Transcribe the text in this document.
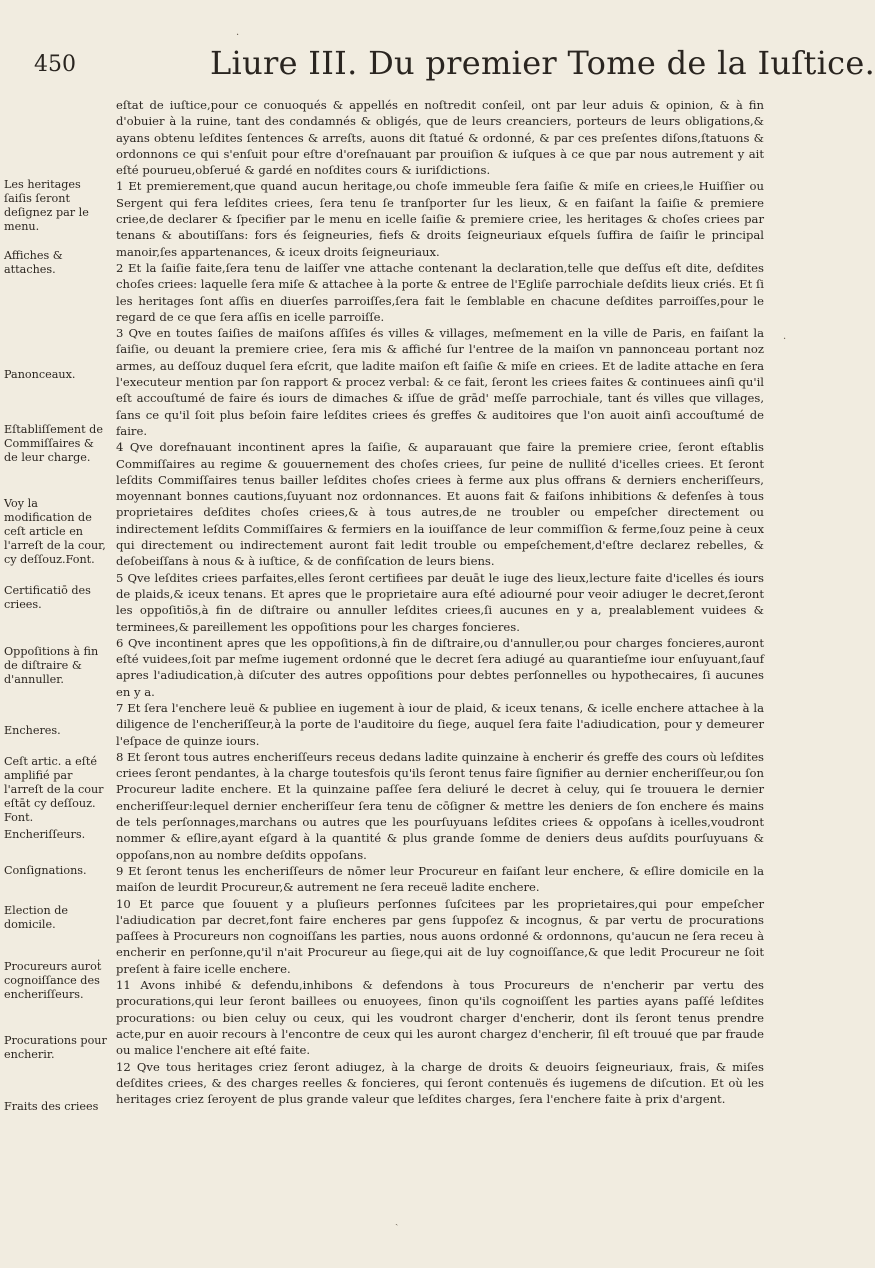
450	Liure III. Du premier Tome de la Iuſtice.

eſtat de iuſtice,pour ce conuoqués & appellés en noſtredit conſeil, ont par leur aduis & opinion, & à fin d'obuier à la ruine, tant des condamnés & obligés, que de leurs creanciers, porteurs de leurs obligations,& ayans obtenu leſdites ſentences & arreſts, auons dit ſtatué & ordonné, & par ces preſentes diſons,ſtatuons & ordonnons ce qui s'enſuit pour eſtre d'oreſnauant par prouiſion & iuſques à ce que par nous autrement y ait eſté pourueu,obſerué & gardé en noſdites cours & iuriſdictions.

1 Et premierement,que quand aucun heritage,ou choſe immeuble ſera ſaiſie & miſe en criees,le Huiſſier ou Sergent qui fera leſdites criees, ſera tenu ſe tranſporter ſur les lieux, & en faiſant la ſaiſie & premiere criee,de declarer & ſpecifier par le menu en icelle ſaiſie & premiere criee, les heritages & choſes criees par tenans & aboutiſſans: fors és ſeigneuries, fiefs & droits ſeigneuriaux eſquels ſuffira de ſaiſir le principal manoir,ſes appartenances, & iceux droits ſeigneuriaux.

2 Et la ſaiſie faite,ſera tenu de laiſſer vne attache contenant la declaration,telle que deſſus eſt dite, deſdites choſes criees: laquelle ſera miſe & attachee à la porte & entree de l'Egliſe parrochiale deſdits lieux criés. Et ſi les heritages ſont aſſis en diuerſes parroiſſes,ſera fait le ſemblable en chacune deſdites parroiſſes,pour le regard de ce que ſera aſſis en icelle parroiſſe.

3 Qve en toutes ſaiſies de maiſons aſſiſes és villes & villages, meſmement en la ville de Paris, en faiſant la ſaiſie, ou deuant la premiere criee, ſera mis & affiché ſur l'entree de la maiſon vn pannonceau portant noz armes, au deſſouz duquel ſera eſcrit, que ladite maiſon eſt ſaiſie & miſe en criees. Et de ladite attache en ſera l'executeur mention par ſon rapport & procez verbal: & ce fait, ſeront les criees faites & continuees ainſi qu'il eſt accouſtumé de faire és iours de dimaches & iſſue de grād' meſſe parrochiale, tant és villes que villages, ſans ce qu'il ſoit plus beſoin faire leſdites criees és greffes & auditoires que l'on auoit ainſi accouſtumé de faire.

4 Qve dorefnauant incontinent apres la ſaiſie, & auparauant que faire la premiere criee, ſeront eſtablis Commiſſaires au regime & gouuernement des choſes criees, ſur peine de nullité d'icelles criees. Et ſeront leſdits Commiſſaires tenus bailler leſdites choſes criees à ferme aux plus offrans & derniers encheriſſeurs, moyennant bonnes cautions,ſuyuant noz ordonnances. Et auons fait & faiſons inhibitions & defenſes à tous proprietaires deſdites choſes criees,& à tous autres,de ne troubler ou empeſcher directement ou indirectement leſdits Commiſſaires & fermiers en la iouiſſance de leur commiſſion & ferme,ſouz peine à ceux qui directement ou indirectement auront fait ledit trouble ou empeſchement,d'eſtre declarez rebelles, & deſobeiſſans à nous & à iuſtice, & de confiſcation de leurs biens.

5 Qve leſdites criees parfaites,elles ſeront certifiees par deuāt le iuge des lieux,lecture faite d'icelles és iours de plaids,& iceux tenans. Et apres que le proprietaire aura eſté adiourné pour veoir adiuger le decret,ſeront les oppoſitiōs,à fin de diſtraire ou annuller leſdites criees,ſi aucunes en y a, prealablement vuidees & terminees,& pareillement les oppoſitions pour les charges foncieres.

6 Qve incontinent apres que les oppoſitions,à fin de diſtraire,ou d'annuller,ou pour charges foncieres,auront eſté vuidees,ſoit par meſme iugement ordonné que le decret ſera adiugé au quarantieſme iour enſuyuant,ſauf apres l'adiudication,à diſcuter des autres oppoſitions pour debtes perſonnelles ou hypothecaires, ſi aucunes en y a.

7 Et ſera l'enchere leuë & publiee en iugement à iour de plaid, & iceux tenans, & icelle enchere attachee à la diligence de l'encheriſſeur,à la porte de l'auditoire du ſiege, auquel ſera faite l'adiudication, pour y demeurer l'eſpace de quinze iours.

8 Et ſeront tous autres encheriſſeurs receus dedans ladite quinzaine à encherir és greffe des cours où leſdites criees ſeront pendantes, à la charge toutesfois qu'ils ſeront tenus faire ſignifier au dernier encheriſſeur,ou ſon Procureur ladite enchere. Et la quinzaine paſſee ſera deliuré le decret à celuy, qui ſe trouuera le dernier encheriſſeur:lequel dernier encheriſſeur ſera tenu de cōſigner & mettre les deniers de ſon enchere és mains de tels perſonnages,marchans ou autres que les pourſuyuans leſdites criees & oppoſans à icelles,voudront nommer & eſlire,ayant eſgard à la quantité & plus grande ſomme de deniers deus auſdits pourſuyuans & oppoſans,non au nombre deſdits oppoſans.

9 Et ſeront tenus les encheriſſeurs de nōmer leur Procureur en faiſant leur enchere, & eſlire domicile en la maiſon de leurdit Procureur,& autrement ne ſera receuë ladite enchere.

10 Et parce que ſouuent y a pluſieurs perſonnes ſuſcitees par les proprietaires,qui pour empeſcher l'adiudication par decret,font faire encheres par gens ſuppoſez & incognus, & par vertu de procurations paſſees à Procureurs non cognoiſſans les parties, nous auons ordonné & ordonnons, qu'aucun ne ſera receu à encherir en perſonne,qu'il n'ait Procureur au ſiege,qui ait de luy cognoiſſance,& que ledit Procureur ne ſoit preſent à faire icelle enchere.

11 Avons inhibé & defendu,inhibons & defendons à tous Procureurs de n'encherir par vertu des procurations,qui leur ſeront baillees ou enuoyees, ſinon qu'ils cognoiſſent les parties ayans paſſé leſdites procurations: ou bien celuy ou ceux, qui les voudront charger d'encherir, dont ils ſeront tenus prendre acte,pur en auoir recours à l'encontre de ceux qui les auront chargez d'encherir, ſil eſt trouué que par fraude ou malice l'enchere ait eſté faite.

12 Qve tous heritages criez ſeront adiugez, à la charge de droits & deuoirs ſeigneuriaux, frais, & miſes deſdites criees, & des charges reelles & foncieres, qui ſeront contenuës és iugemens de diſcution. Et où les heritages criez ſeroyent de plus grande valeur que leſdites charges, ſera l'enchere faite à prix d'argent.

Les heritages ſaiſis ſeront deſignez par le menu.
Affiches & attaches.
Panonceaux.
Eſtabliſſement de Commiſſaires & de leur charge.
Voy la modification de ceſt article en l'arreſt de la cour, cy deſſouz.Font.
Certificatiō des criees.
Oppoſitions à fin de diſtraire & d'annuller.
Encheres.
Ceſt artic. a eſté amplifié par l'arreſt de la cour eſtāt cy deſſouz. Font.
Encheriſſeurs.
Conſignations.
Election de domicile.
Procureurs auroṫ cognoiſſance des encheriſſeurs.
Procurations pour encherir.
Fraits des criees
·
·
ˎ
